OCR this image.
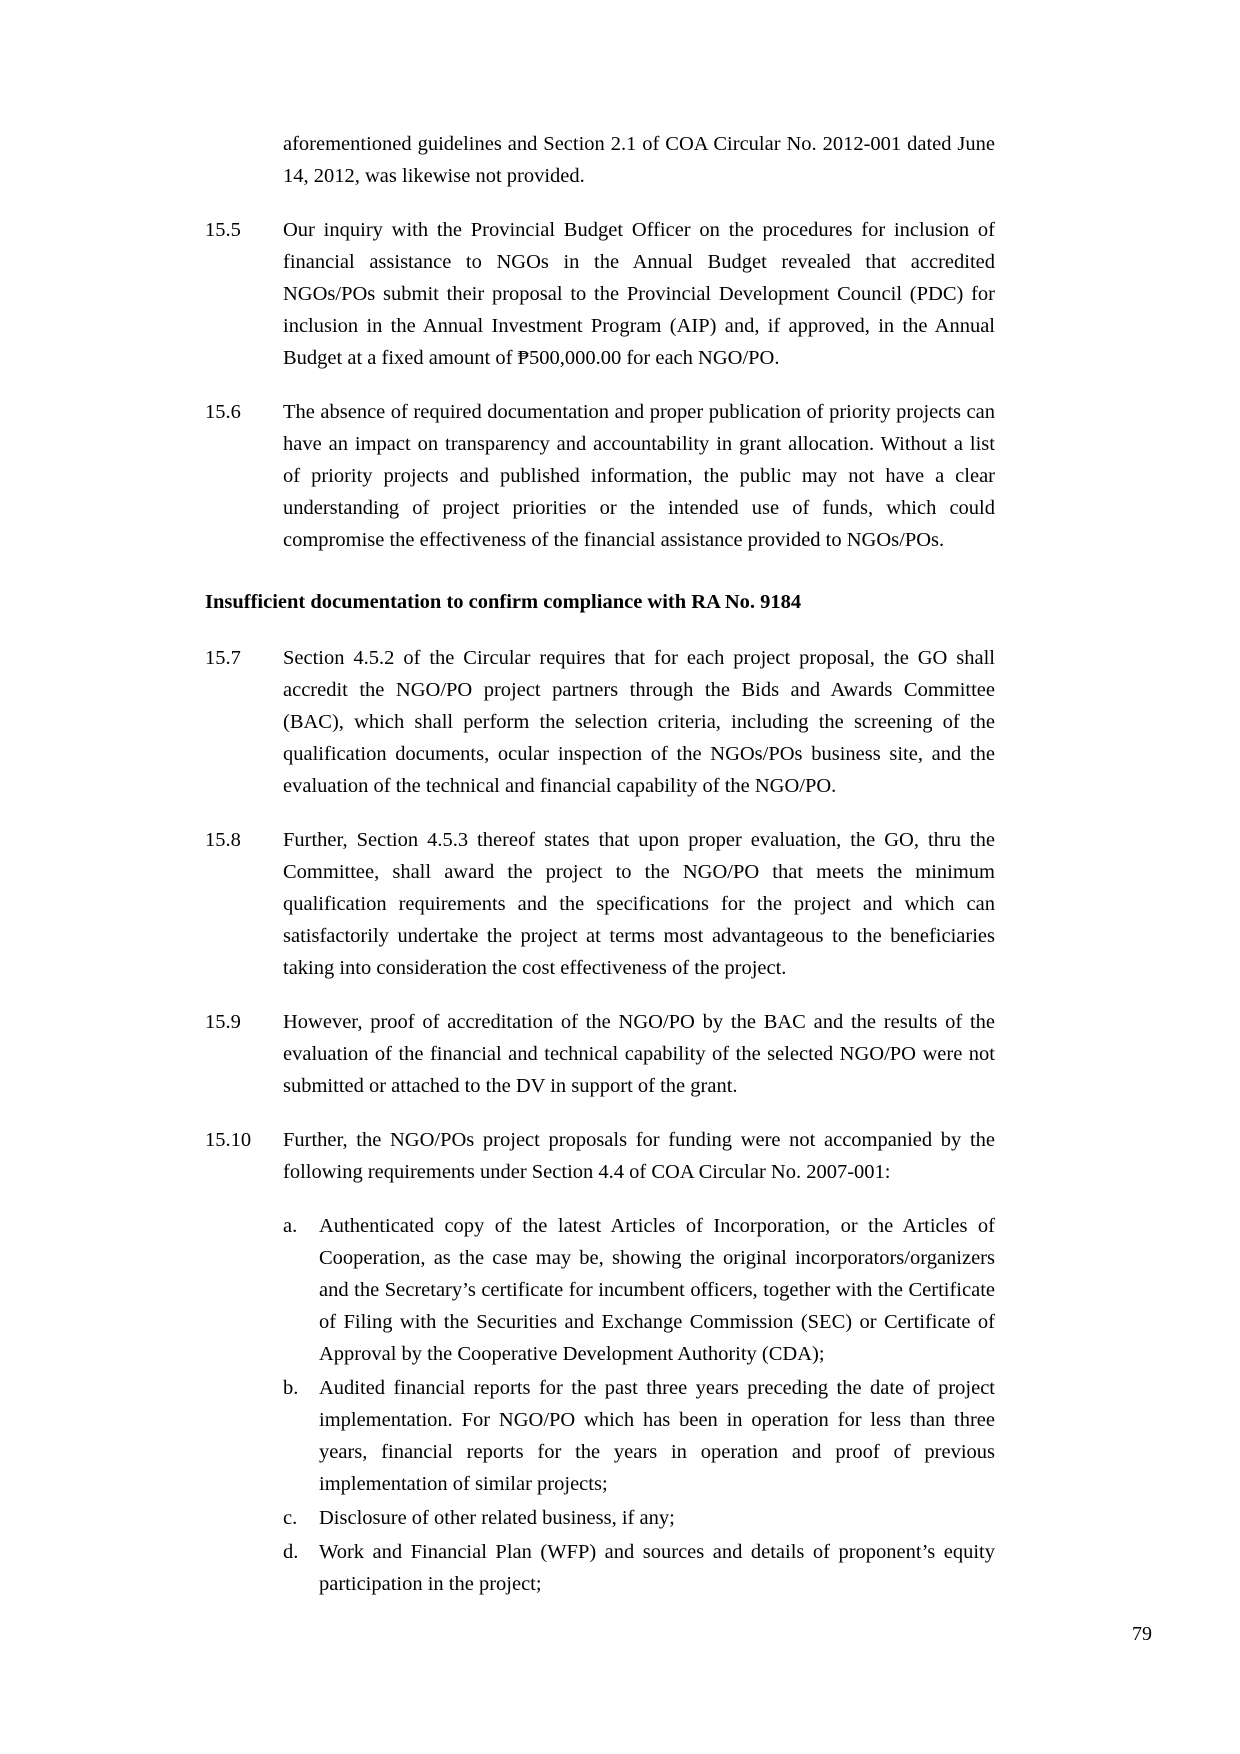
aforementioned guidelines and Section 2.1 of COA Circular No. 2012-001 dated June 14, 2012, was likewise not provided.
15.5	Our inquiry with the Provincial Budget Officer on the procedures for inclusion of financial assistance to NGOs in the Annual Budget revealed that accredited NGOs/POs submit their proposal to the Provincial Development Council (PDC) for inclusion in the Annual Investment Program (AIP) and, if approved, in the Annual Budget at a fixed amount of ₱500,000.00 for each NGO/PO.
15.6	The absence of required documentation and proper publication of priority projects can have an impact on transparency and accountability in grant allocation. Without a list of priority projects and published information, the public may not have a clear understanding of project priorities or the intended use of funds, which could compromise the effectiveness of the financial assistance provided to NGOs/POs.
Insufficient documentation to confirm compliance with RA No. 9184
15.7	Section 4.5.2 of the Circular requires that for each project proposal, the GO shall accredit the NGO/PO project partners through the Bids and Awards Committee (BAC), which shall perform the selection criteria, including the screening of the qualification documents, ocular inspection of the NGOs/POs business site, and the evaluation of the technical and financial capability of the NGO/PO.
15.8	Further, Section 4.5.3 thereof states that upon proper evaluation, the GO, thru the Committee, shall award the project to the NGO/PO that meets the minimum qualification requirements and the specifications for the project and which can satisfactorily undertake the project at terms most advantageous to the beneficiaries taking into consideration the cost effectiveness of the project.
15.9	However, proof of accreditation of the NGO/PO by the BAC and the results of the evaluation of the financial and technical capability of the selected NGO/PO were not submitted or attached to the DV in support of the grant.
15.10	Further, the NGO/POs project proposals for funding were not accompanied by the following requirements under Section 4.4 of COA Circular No. 2007-001:
a.	Authenticated copy of the latest Articles of Incorporation, or the Articles of Cooperation, as the case may be, showing the original incorporators/organizers and the Secretary’s certificate for incumbent officers, together with the Certificate of Filing with the Securities and Exchange Commission (SEC) or Certificate of Approval by the Cooperative Development Authority (CDA);
b.	Audited financial reports for the past three years preceding the date of project implementation. For NGO/PO which has been in operation for less than three years, financial reports for the years in operation and proof of previous implementation of similar projects;
c.	Disclosure of other related business, if any;
d.	Work and Financial Plan (WFP) and sources and details of proponent’s equity participation in the project;
79
